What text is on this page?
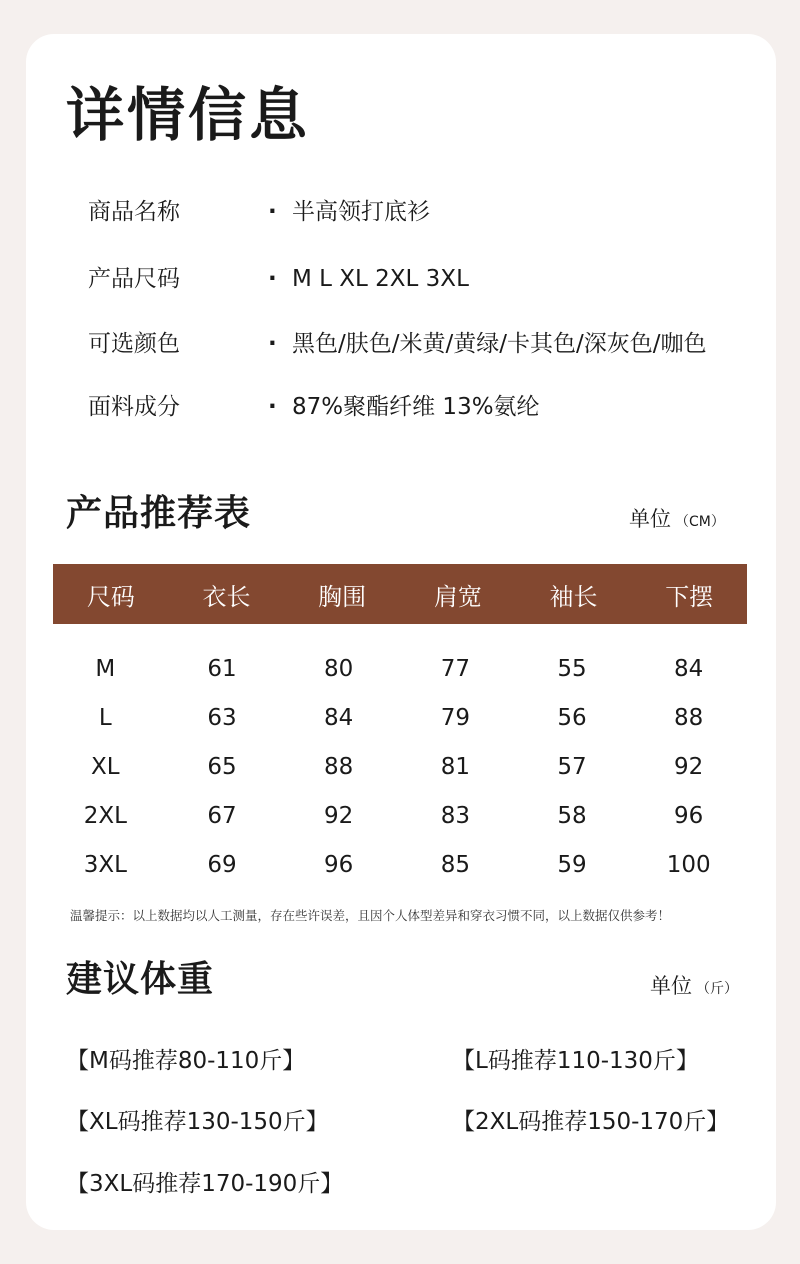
详情信息
商品名称	· 半高领打底衫
产品尺码	· M L XL 2XL 3XL
可选颜色	· 黑色/肤色/米黄/黄绿/卡其色/深灰色/咖色
面料成分	· 87%聚酯纤维 13%氨纶
产品推荐表	单位 （CM）
尺码	衣长	胸围	肩宽	袖长	下摆
M	61	80	77	55	84
L	63	84	79	56	88
XL	65	88	81	57	92
2XL	67	92	83	58	96
3XL	69	96	85	59	100
温馨提示：以上数据均以人工测量，存在些许误差，且因个人体型差异和穿衣习惯不同，以上数据仅供参考！
建议体重	单位 （斤）
【M码推荐80-110斤】	【L码推荐110-130斤】
【XL码推荐130-150斤】	【2XL码推荐150-170斤】
【3XL码推荐170-190斤】
